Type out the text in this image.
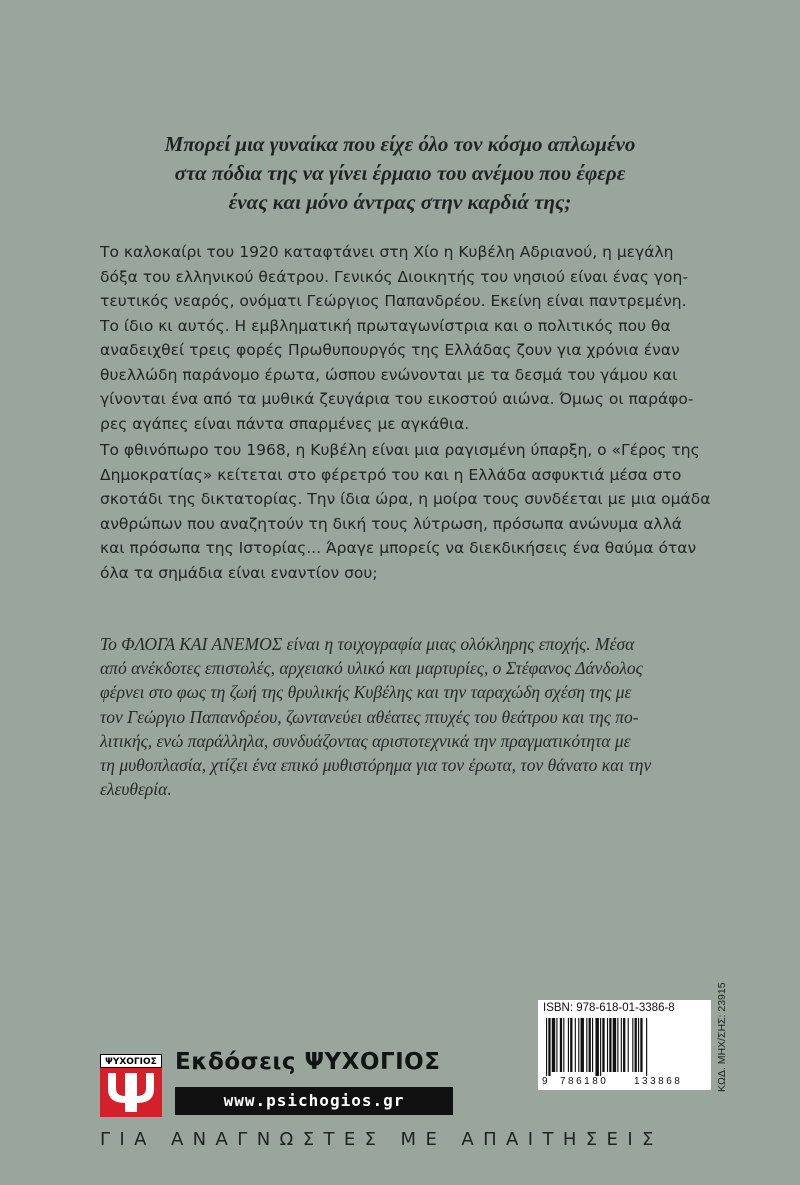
Μπορεί μια γυναίκα που είχε όλο τον κόσμο απλωμένο
στα πόδια της να γίνει έρμαιο του ανέμου που έφερε
ένας και μόνο άντρας στην καρδιά της;
Το καλοκαίρι του 1920 καταφτάνει στη Χίο η Κυβέλη Αδριανού, η μεγάλη
δόξα του ελληνικού θεάτρου. Γενικός Διοικητής του νησιού είναι ένας γοη-
τευτικός νεαρός, ονόματι Γεώργιος Παπανδρέου. Εκείνη είναι παντρεμένη.
Το ίδιο κι αυτός. Η εμβληματική πρωταγωνίστρια και ο πολιτικός που θα
αναδειχθεί τρεις φορές Πρωθυπουργός της Ελλάδας ζουν για χρόνια έναν
θυελλώδη παράνομο έρωτα, ώσπου ενώνονται με τα δεσμά του γάμου και
γίνονται ένα από τα μυθικά ζευγάρια του εικοστού αιώνα. Όμως οι παράφο-
ρες αγάπες είναι πάντα σπαρμένες με αγκάθια.
Το φθινόπωρο του 1968, η Κυβέλη είναι μια ραγισμένη ύπαρξη, ο «Γέρος της
Δημοκρατίας» κείτεται στο φέρετρό του και η Ελλάδα ασφυκτιά μέσα στο
σκοτάδι της δικτατορίας. Την ίδια ώρα, η μοίρα τους συνδέεται με μια ομάδα
ανθρώπων που αναζητούν τη δική τους λύτρωση, πρόσωπα ανώνυμα αλλά
και πρόσωπα της Ιστορίας... Άραγε μπορείς να διεκδικήσεις ένα θαύμα όταν
όλα τα σημάδια είναι εναντίον σου;
Το ΦΛΟΓΑ ΚΑΙ ΑΝΕΜΟΣ είναι η τοιχογραφία μιας ολόκληρης εποχής. Μέσα
από ανέκδοτες επιστολές, αρχειακό υλικό και μαρτυρίες, ο Στέφανος Δάνδολος
φέρνει στο φως τη ζωή της θρυλικής Κυβέλης και την ταραχώδη σχέση της με
τον Γεώργιο Παπανδρέου, ζωντανεύει αθέατες πτυχές του θεάτρου και της πο-
λιτικής, ενώ παράλληλα, συνδυάζοντας αριστοτεχνικά την πραγματικότητα με
τη μυθοπλασία, χτίζει ένα επικό μυθιστόρημα για τον έρωτα, τον θάνατο και την
ελευθερία.
ISBN: 978-618-01-3386-8
9 786180	133868	ΚΩΔ. ΜΗΧ/ΣΗΣ: 23915
ΨΥΧΟΓΙΟΣ Εκδόσεις ΨΥΧΟΓΙΟΣ
www.psichogios.gr
ΓΙΑ ΑΝΑΓΝΩΣΤΕΣ ΜΕ ΑΠΑΙΤΗΣΕΙΣ
